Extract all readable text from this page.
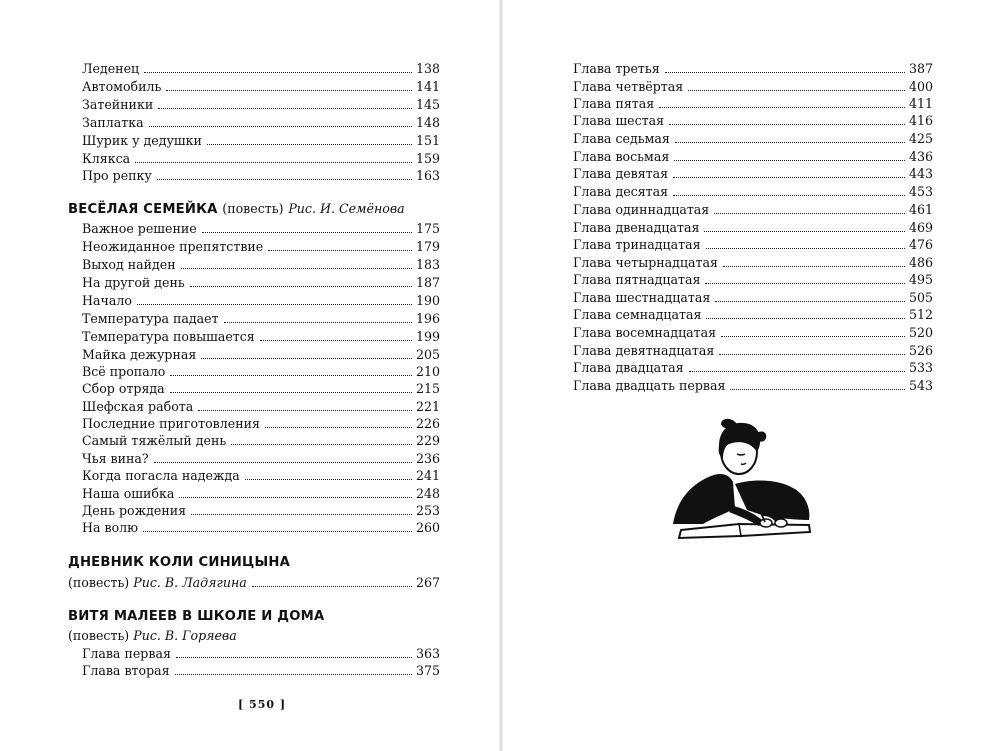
Леденец	138
Автомобиль	141
Затейники	145
Заплатка	148
Шурик у дедушки	151
Клякса	159
Про репку	163
ВЕСЁЛАЯ СЕМЕЙКА (повесть) Рис. И. Семёнова
Важное решение	175
Неожиданное препятствие	179
Выход найден	183
На другой день	187
Начало	190
Температура падает	196
Температура повышается	199
Майка дежурная	205
Всё пропало	210
Сбор отряда	215
Шефская работа	221
Последние приготовления	226
Самый тяжёлый день	229
Чья вина?	236
Когда погасла надежда	241
Наша ошибка	248
День рождения	253
На волю	260
ДНЕВНИК КОЛИ СИНИЦЫНА
(повесть) Рис. В. Ладягина	267
ВИТЯ МАЛЕЕВ В ШКОЛЕ И ДОМА
(повесть) Рис. В. Горяева
Глава первая	363
Глава вторая	375
[ 550 ]
Глава третья	387
Глава четвёртая	400
Глава пятая	411
Глава шестая	416
Глава седьмая	425
Глава восьмая	436
Глава девятая	443
Глава десятая	453
Глава одиннадцатая	461
Глава двенадцатая	469
Глава тринадцатая	476
Глава четырнадцатая	486
Глава пятнадцатая	495
Глава шестнадцатая	505
Глава семнадцатая	512
Глава восемнадцатая	520
Глава девятнадцатая	526
Глава двадцатая	533
Глава двадцать первая	543
